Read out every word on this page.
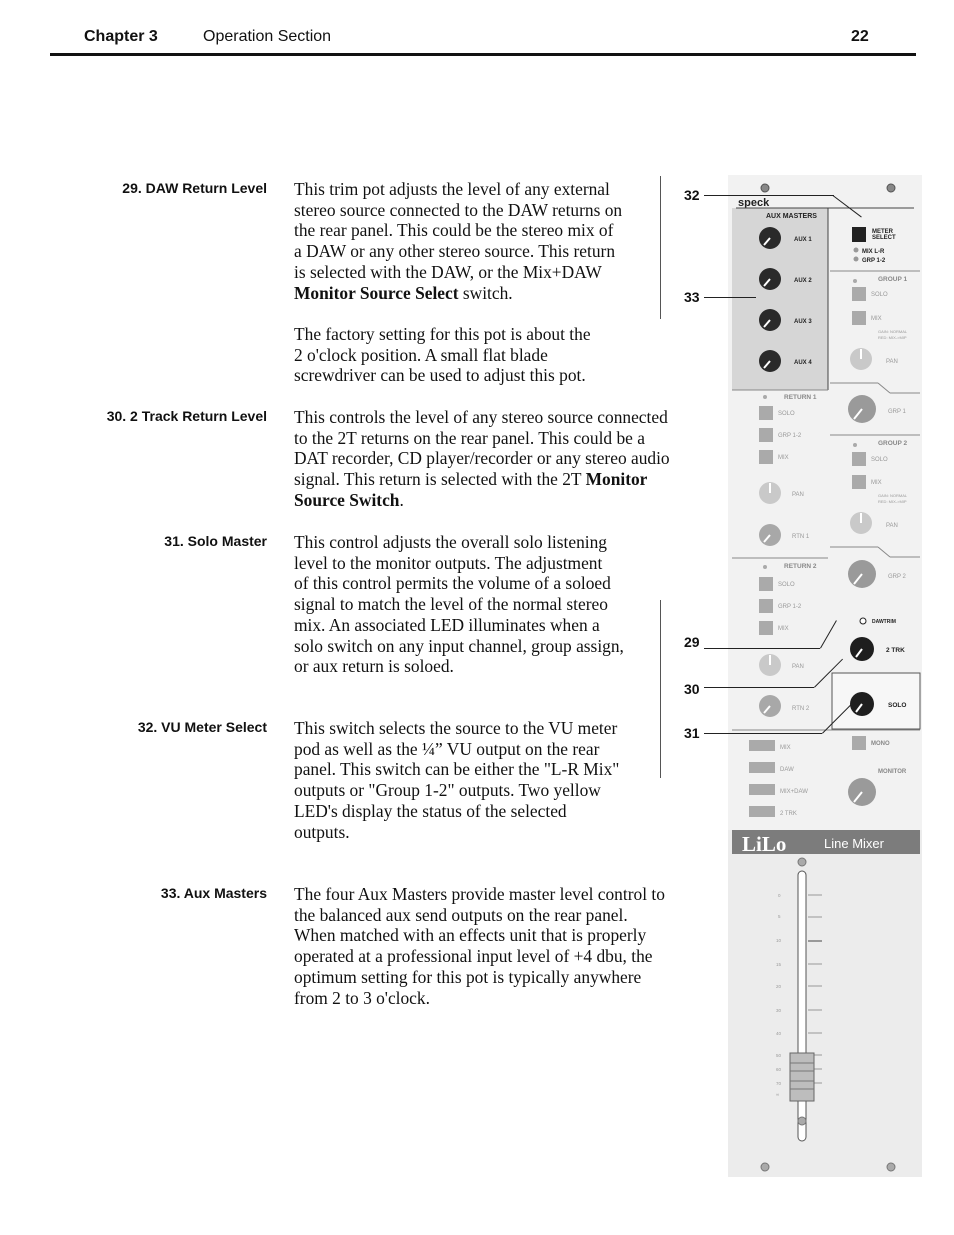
Chapter 3	Operation Section	22
29. DAW Return Level This trim pot adjusts the level of any external
stereo source connected to the DAW returns on
the rear panel. This could be the stereo mix of
a DAW or any other stereo source. This return
is selected with the DAW, or the Mix+DAW
Monitor Source Select switch.

The factory setting for this pot is about the
2 o'clock position. A small flat blade
screwdriver can be used to adjust this pot.

30. 2 Track Return Level This controls the level of any stereo source connected
to the 2T returns on the rear panel. This could be a
DAT recorder, CD player/recorder or any stereo audio
signal. This return is selected with the 2T Monitor
Source Switch.

31. Solo Master This control adjusts the overall solo listening
level to the monitor outputs. The adjustment
of this control permits the volume of a soloed
signal to match the level of the normal stereo
mix. An associated LED illuminates when a
solo switch on any input channel, group assign,
or aux return is soloed.

32. VU Meter Select This switch selects the source to the VU meter
pod as well as the ¼” VU output on the rear
panel. This switch can be either the "L-R Mix"
outputs or "Group 1-2" outputs. Two yellow
LED's display the status of the selected
outputs.

33. Aux Masters The four Aux Masters provide master level control to
the balanced aux send outputs on the rear panel.
When matched with an effects unit that is properly
operated at a professional input level of +4 dbu, the
optimum setting for this pot is typically anywhere
from 2 to 3 o'clock.

32
33
29
30
31
speck
AUX MASTERS
AUX 1
AUX 2
AUX 3
AUX 4
METER
SELECT
MIX L-R
GRP 1-2
GROUP 1
SOLO
MIX
GAIN: NORMAL
RED: MIX->MIP
PAN
RETURN 1
SOLO
GRP 1-2
MIX
PAN
RTN 1
GRP 1
GROUP 2
SOLO
MIX
GAIN: NORMAL
RED: MIX->MIP
PAN
RETURN 2
SOLO
GRP 1-2
MIX
PAN
RTN 2
GRP 2
DAWTRIM
2 TRK
SOLO
MIX
DAW
MIX+DAW
2 TRK
MONO
MONITOR
LiLo	Line Mixer
0
5
10
15
20
30
40
50
60
70
∞
